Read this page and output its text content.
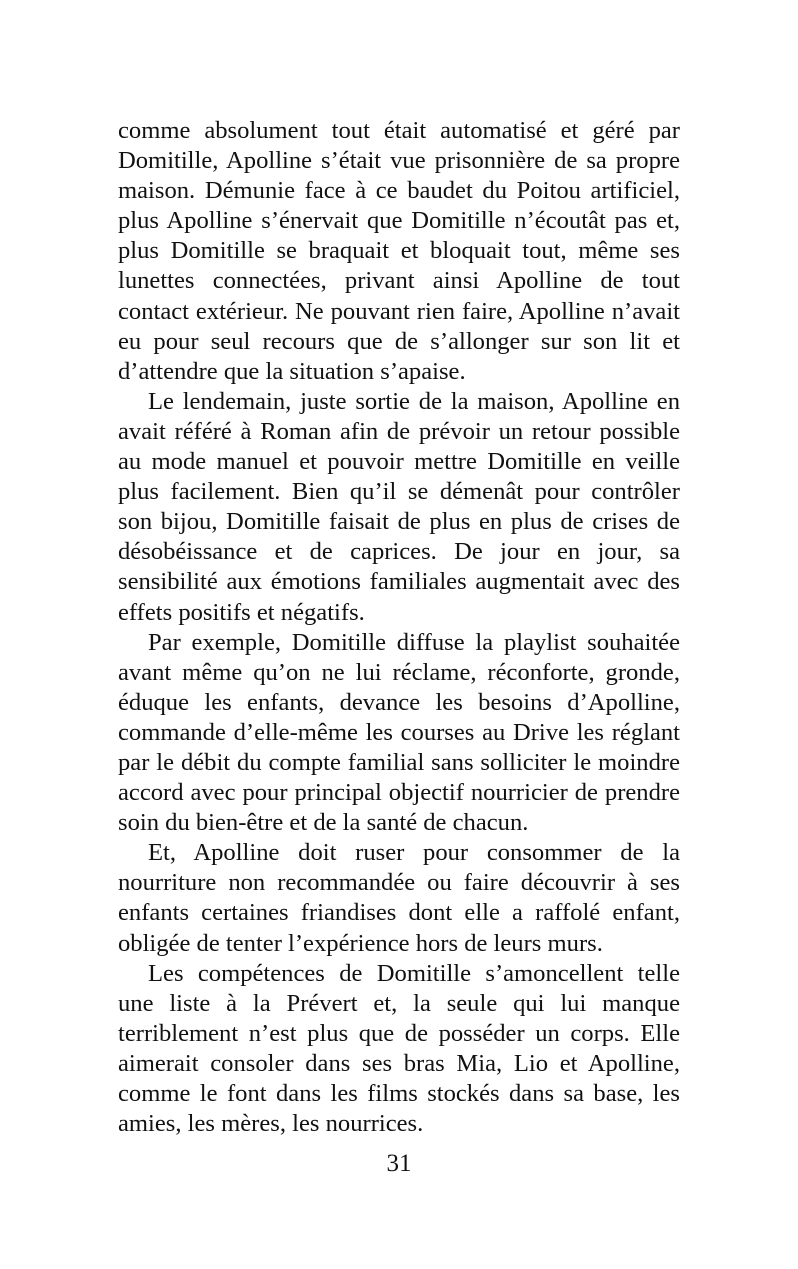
comme absolument tout était automatisé et géré par Domitille, Apolline s’était vue prisonnière de sa propre maison. Démunie face à ce baudet du Poitou artificiel, plus Apolline s’énervait que Domitille n’écoutât pas et, plus Domitille se braquait et bloquait tout, même ses lunettes connectées, privant ainsi Apolline de tout contact extérieur. Ne pouvant rien faire, Apolline n’avait eu pour seul recours que de s’allonger sur son lit et d’attendre que la situation s’apaise.

Le lendemain, juste sortie de la maison, Apolline en avait référé à Roman afin de prévoir un retour possible au mode manuel et pouvoir mettre Domitille en veille plus facilement. Bien qu’il se démenât pour contrôler son bijou, Domitille faisait de plus en plus de crises de désobéissance et de caprices. De jour en jour, sa sensibilité aux émotions familiales augmentait avec des effets positifs et négatifs.

Par exemple, Domitille diffuse la playlist souhaitée avant même qu’on ne lui réclame, réconforte, gronde, éduque les enfants, devance les besoins d’Apolline, commande d’elle-même les courses au Drive les réglant par le débit du compte familial sans solliciter le moindre accord avec pour principal objectif nourricier de prendre soin du bien-être et de la santé de chacun.

Et, Apolline doit ruser pour consommer de la nourriture non recommandée ou faire découvrir à ses enfants certaines friandises dont elle a raffolé enfant, obligée de tenter l’expérience hors de leurs murs.

Les compétences de Domitille s’amoncellent telle une liste à la Prévert et, la seule qui lui manque terriblement n’est plus que de posséder un corps. Elle aimerait consoler dans ses bras Mia, Lio et Apolline, comme le font dans les films stockés dans sa base, les amies, les mères, les nourrices.

31
